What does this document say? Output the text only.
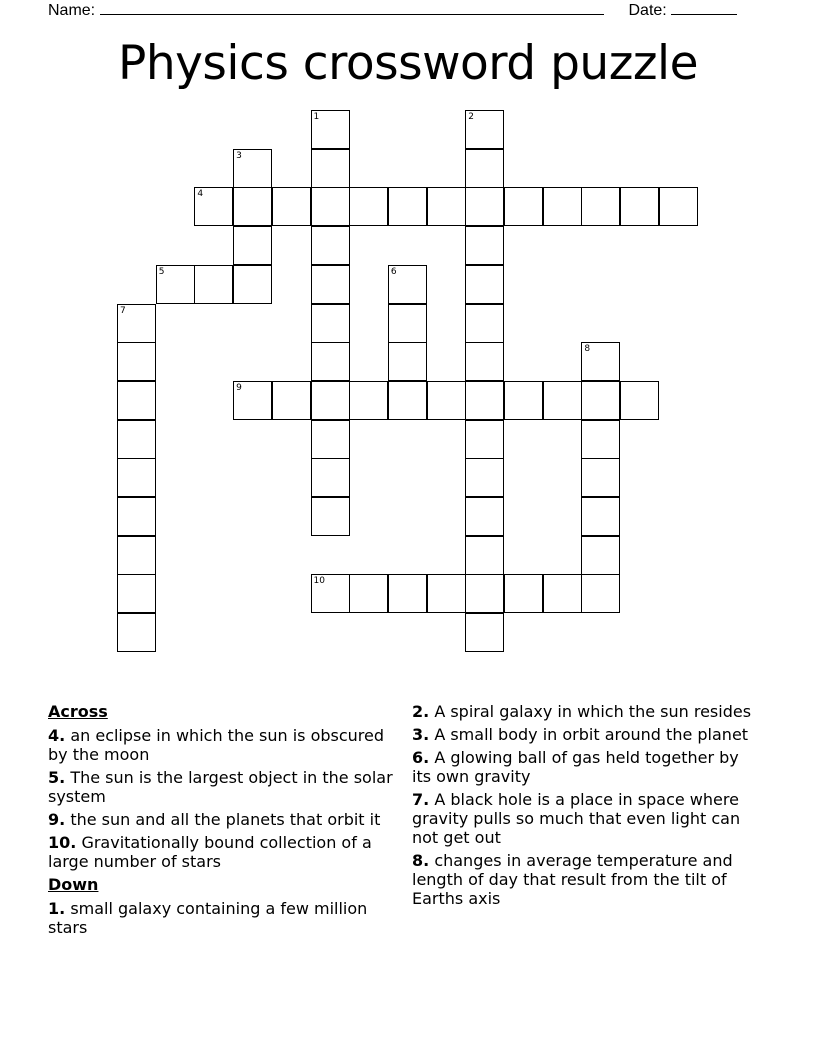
Name:	Date:
Physics crossword puzzle
1	2
3
4
5	6
7
8
9
10
Across
4. an eclipse in which the sun is obscured by the moon
5. The sun is the largest object in the solar system
9. the sun and all the planets that orbit it
10. Gravitationally bound collection of a large number of stars
Down
1. small galaxy containing a few million stars
2. A spiral galaxy in which the sun resides
3. A small body in orbit around the planet
6. A glowing ball of gas held together by its own gravity
7. A black hole is a place in space where gravity pulls so much that even light can not get out
8. changes in average temperature and length of day that result from the tilt of Earths axis
